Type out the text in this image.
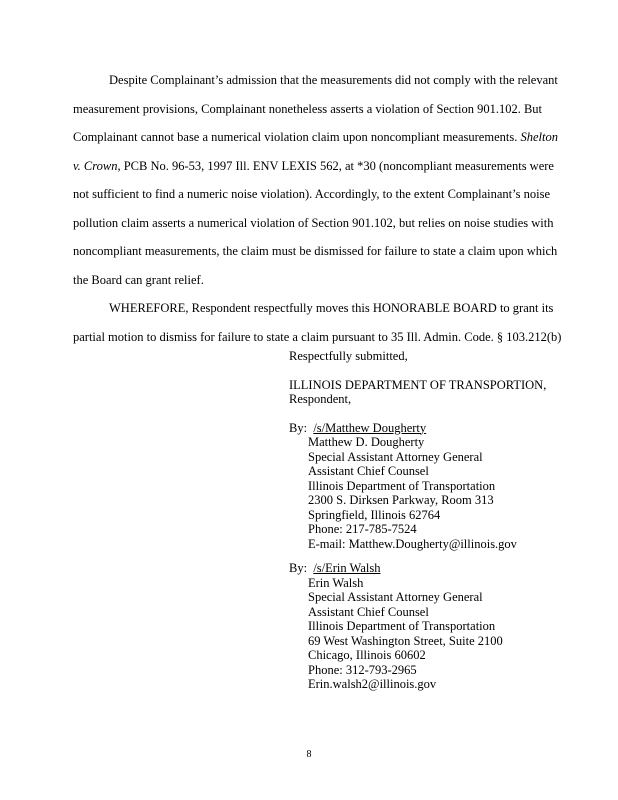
Despite Complainant’s admission that the measurements did not comply with the relevant measurement provisions, Complainant nonetheless asserts a violation of Section 901.102. But Complainant cannot base a numerical violation claim upon noncompliant measurements. Shelton v. Crown, PCB No. 96-53, 1997 Ill. ENV LEXIS 562, at *30 (noncompliant measurements were not sufficient to find a numeric noise violation). Accordingly, to the extent Complainant’s noise pollution claim asserts a numerical violation of Section 901.102, but relies on noise studies with noncompliant measurements, the claim must be dismissed for failure to state a claim upon which the Board can grant relief.

WHEREFORE, Respondent respectfully moves this HONORABLE BOARD to grant its partial motion to dismiss for failure to state a claim pursuant to 35 Ill. Admin. Code. § 103.212(b)

Respectfully submitted,

ILLINOIS DEPARTMENT OF TRANSPORTION,

Respondent,

By: /s/Matthew Dougherty

Matthew D. Dougherty

Special Assistant Attorney General

Assistant Chief Counsel

Illinois Department of Transportation

2300 S. Dirksen Parkway, Room 313

Springfield, Illinois 62764

Phone: 217-785-7524

E-mail: Matthew.Dougherty@illinois.gov

By: /s/Erin Walsh

Erin Walsh

Special Assistant Attorney General

Assistant Chief Counsel

Illinois Department of Transportation

69 West Washington Street, Suite 2100

Chicago, Illinois 60602

Phone: 312-793-2965

Erin.walsh2@illinois.gov

8
